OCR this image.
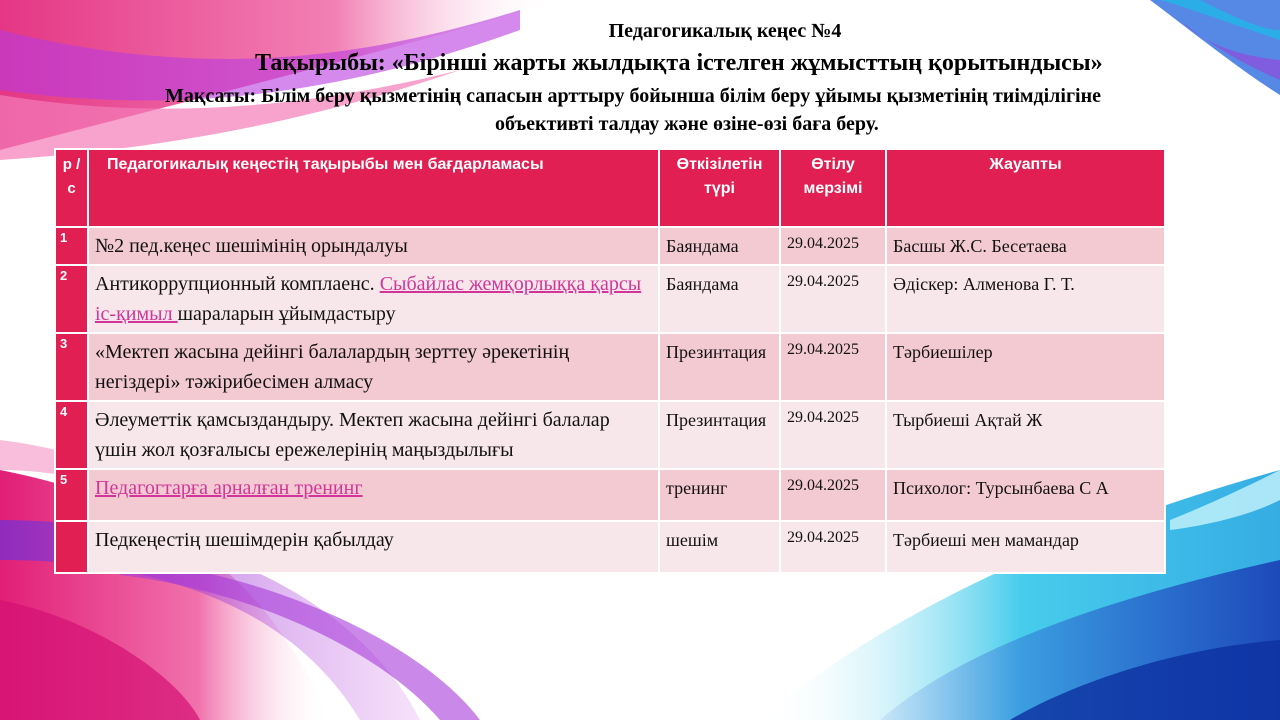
Педагогикалық кеңес №4
Тақырыбы: «Бірінші жарты жылдықта істелген жұмысттың қорытындысы»
Мақсаты: Білім беру қызметінің сапасын арттыру бойынша білім беру ұйымы қызметінің тиімділігіне
объективті талдау және өзіне-өзі баға беру.
р / с	Педагогикалық кеңестің тақырыбы мен бағдарламасы	Өткізілетін түрі	Өтілу мерзімі	Жауапты
1	№2 пед.кеңес шешімінің орындалуы	Баяндама	29.04.2025	Басшы Ж.С. Бесетаева
2	Антикоррупционный комплаенс. Сыбайлас жемқорлыққа қарсы іс-қимыл шараларын ұйымдастыру	Баяндама	29.04.2025	Әдіскер: Алменова Г. Т.
3	«Мектеп жасына дейінгі балалардың зерттеу әрекетінің негіздері» тәжірибесімен алмасу	Презинтация	29.04.2025	Тәрбиешілер
4	Әлеуметтік қамсыздандыру. Мектеп жасына дейінгі балалар үшін жол қозғалысы ережелерінің маңыздылығы	Презинтация	29.04.2025	Тырбиеші Ақтай Ж
5	Педагогтарға арналған тренинг	тренинг	29.04.2025	Психолог: Турсынбаева С А
	Педкеңестің шешімдерін қабылдау	шешім	29.04.2025	Тәрбиеші мен мамандар
